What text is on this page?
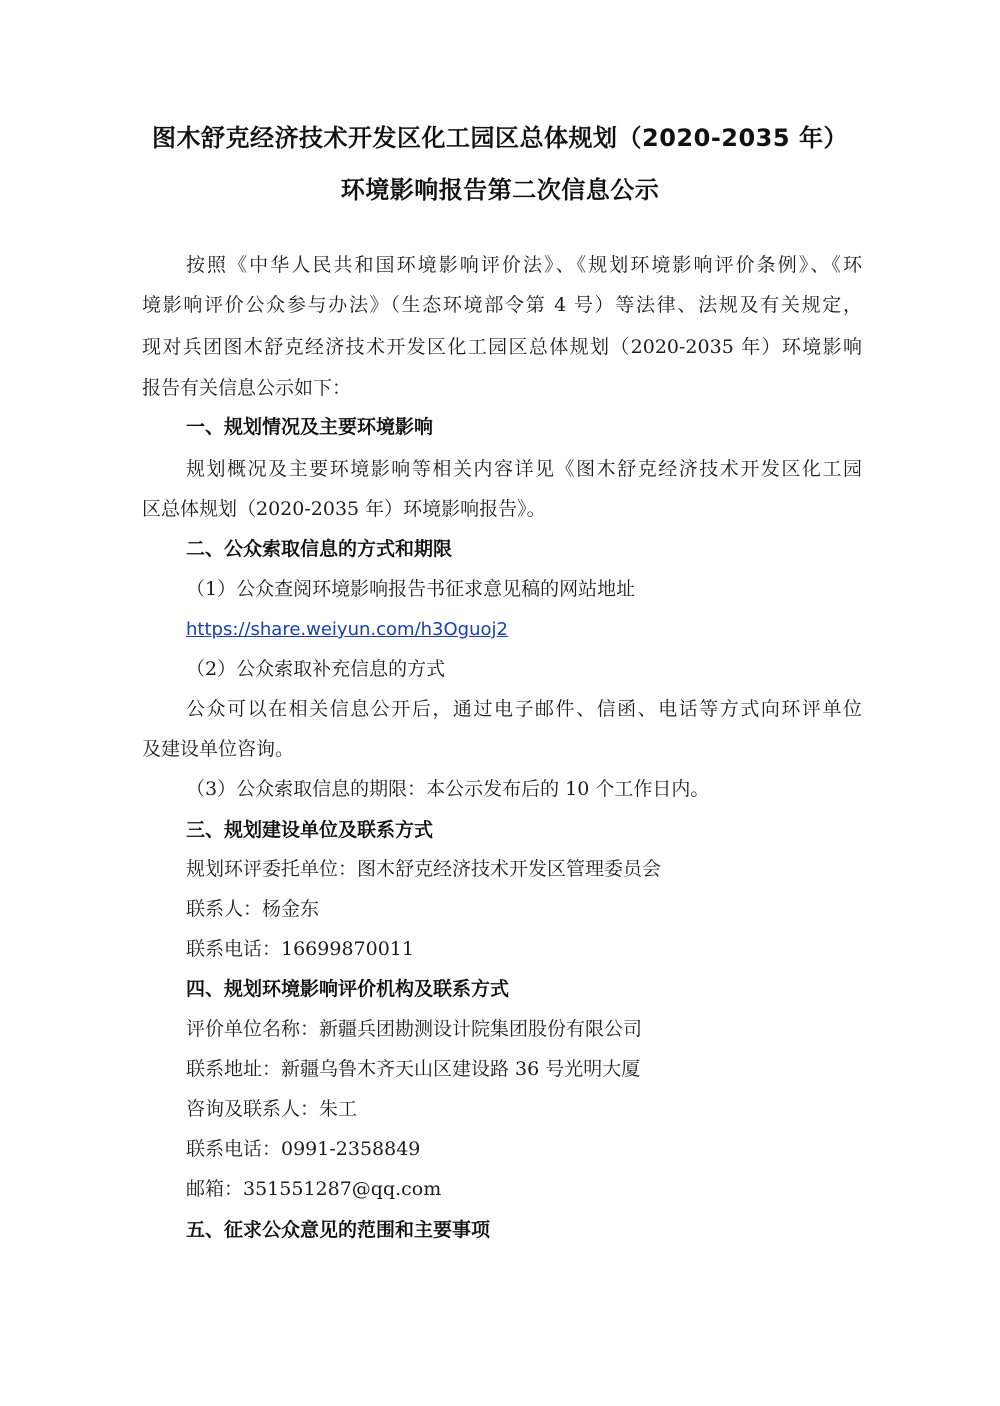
图木舒克经济技术开发区化工园区总体规划（2020-2035 年）
环境影响报告第二次信息公示
按照《中华人民共和国环境影响评价法》、《规划环境影响评价条例》、《环
境影响评价公众参与办法》（生态环境部令第 4 号）等法律、法规及有关规定，
现对兵团图木舒克经济技术开发区化工园区总体规划（2020-2035 年）环境影响
报告有关信息公示如下：
一、规划情况及主要环境影响
规划概况及主要环境影响等相关内容详见《图木舒克经济技术开发区化工园
区总体规划（2020-2035 年）环境影响报告》。
二、公众索取信息的方式和期限
（1）公众查阅环境影响报告书征求意见稿的网站地址
https://share.weiyun.com/h3Oguoj2
（2）公众索取补充信息的方式
公众可以在相关信息公开后，通过电子邮件、信函、电话等方式向环评单位
及建设单位咨询。
（3）公众索取信息的期限：本公示发布后的 10 个工作日内。
三、规划建设单位及联系方式
规划环评委托单位：图木舒克经济技术开发区管理委员会
联系人：杨金东
联系电话：16699870011
四、规划环境影响评价机构及联系方式
评价单位名称：新疆兵团勘测设计院集团股份有限公司
联系地址：新疆乌鲁木齐天山区建设路 36 号光明大厦
咨询及联系人：朱工
联系电话：0991-2358849
邮箱：351551287@qq.com
五、征求公众意见的范围和主要事项
